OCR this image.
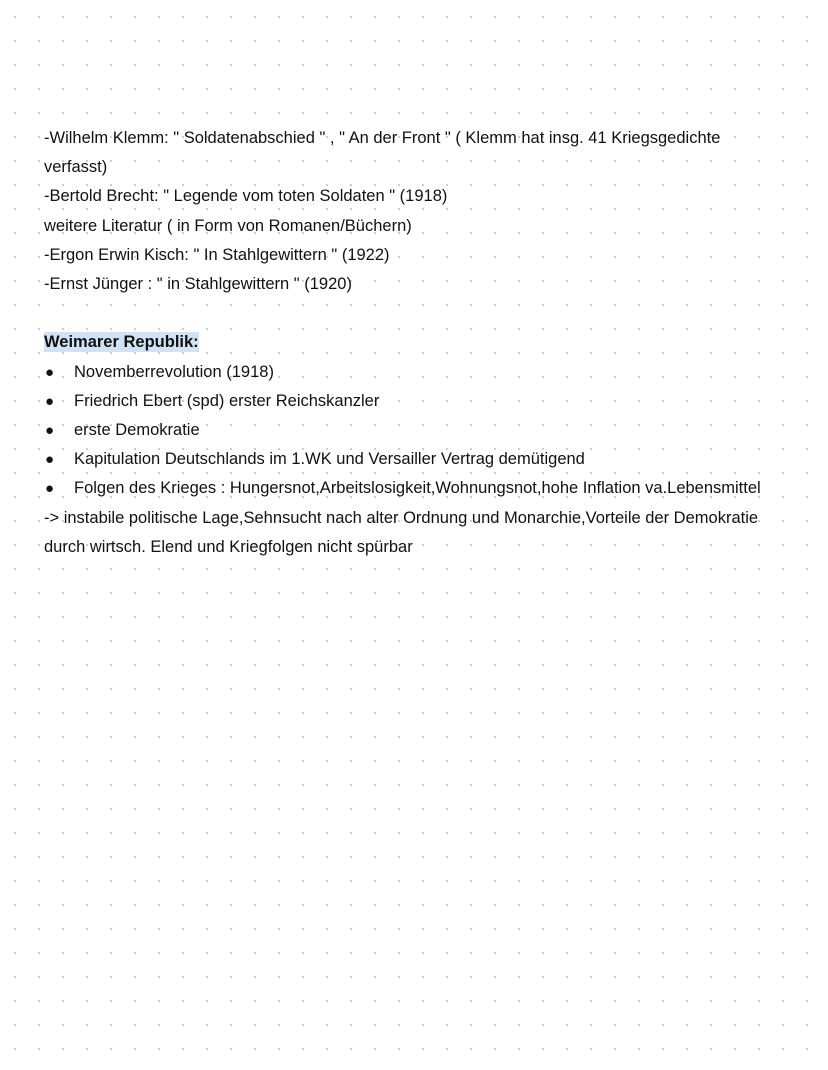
-Wilhelm Klemm: " Soldatenabschied " , " An der Front " ( Klemm hat insg. 41 Kriegsgedichte verfasst)

-Bertold Brecht: " Legende vom toten Soldaten " (1918)

weitere Literatur ( in Form von Romanen/Büchern)

-Ergon Erwin Kisch: " In Stahlgewittern " (1922)

-Ernst Jünger : " in Stahlgewittern " (1920)

Weimarer Republik:

● Novemberrevolution (1918)
● Friedrich Ebert (spd) erster Reichskanzler
● erste Demokratie
● Kapitulation Deutschlands im 1.WK und Versailler Vertrag demütigend
● Folgen des Krieges : Hungersnot,Arbeitslosigkeit,Wohnungsnot,hohe Inflation va.Lebensmittel

-> instabile politische Lage,Sehnsucht nach alter Ordnung und Monarchie,Vorteile der Demokratie durch wirtsch. Elend und Kriegfolgen nicht spürbar
